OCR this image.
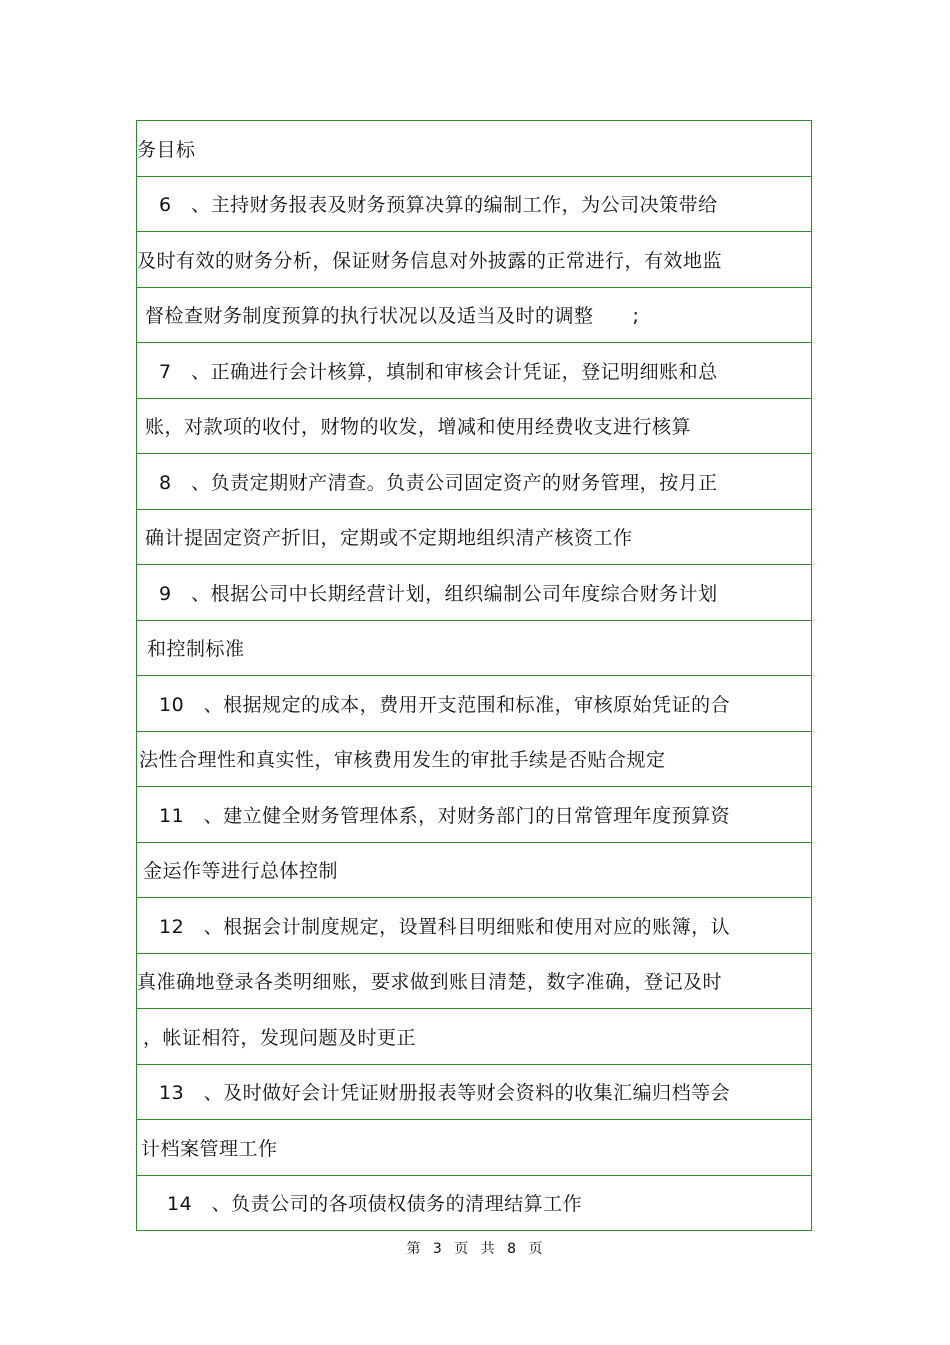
务目标
6　、主持财务报表及财务预算决算的编制工作，为公司决策带给
及时有效的财务分析，保证财务信息对外披露的正常进行，有效地监
督检查财务制度预算的执行状况以及适当及时的调整　　;
7　、正确进行会计核算，填制和审核会计凭证，登记明细账和总
账，对款项的收付，财物的收发，增减和使用经费收支进行核算
8　、负责定期财产清查。负责公司固定资产的财务管理，按月正
确计提固定资产折旧，定期或不定期地组织清产核资工作
9　、根据公司中长期经营计划，组织编制公司年度综合财务计划
和控制标准
10　、根据规定的成本，费用开支范围和标准，审核原始凭证的合
法性合理性和真实性，审核费用发生的审批手续是否贴合规定
11　、建立健全财务管理体系，对财务部门的日常管理年度预算资
金运作等进行总体控制
12　、根据会计制度规定，设置科目明细账和使用对应的账簿，认
真准确地登录各类明细账，要求做到账目清楚，数字准确，登记及时
，帐证相符，发现问题及时更正
13　、及时做好会计凭证财册报表等财会资料的收集汇编归档等会
计档案管理工作
14　、负责公司的各项债权债务的清理结算工作
第 3 页 共 8 页
